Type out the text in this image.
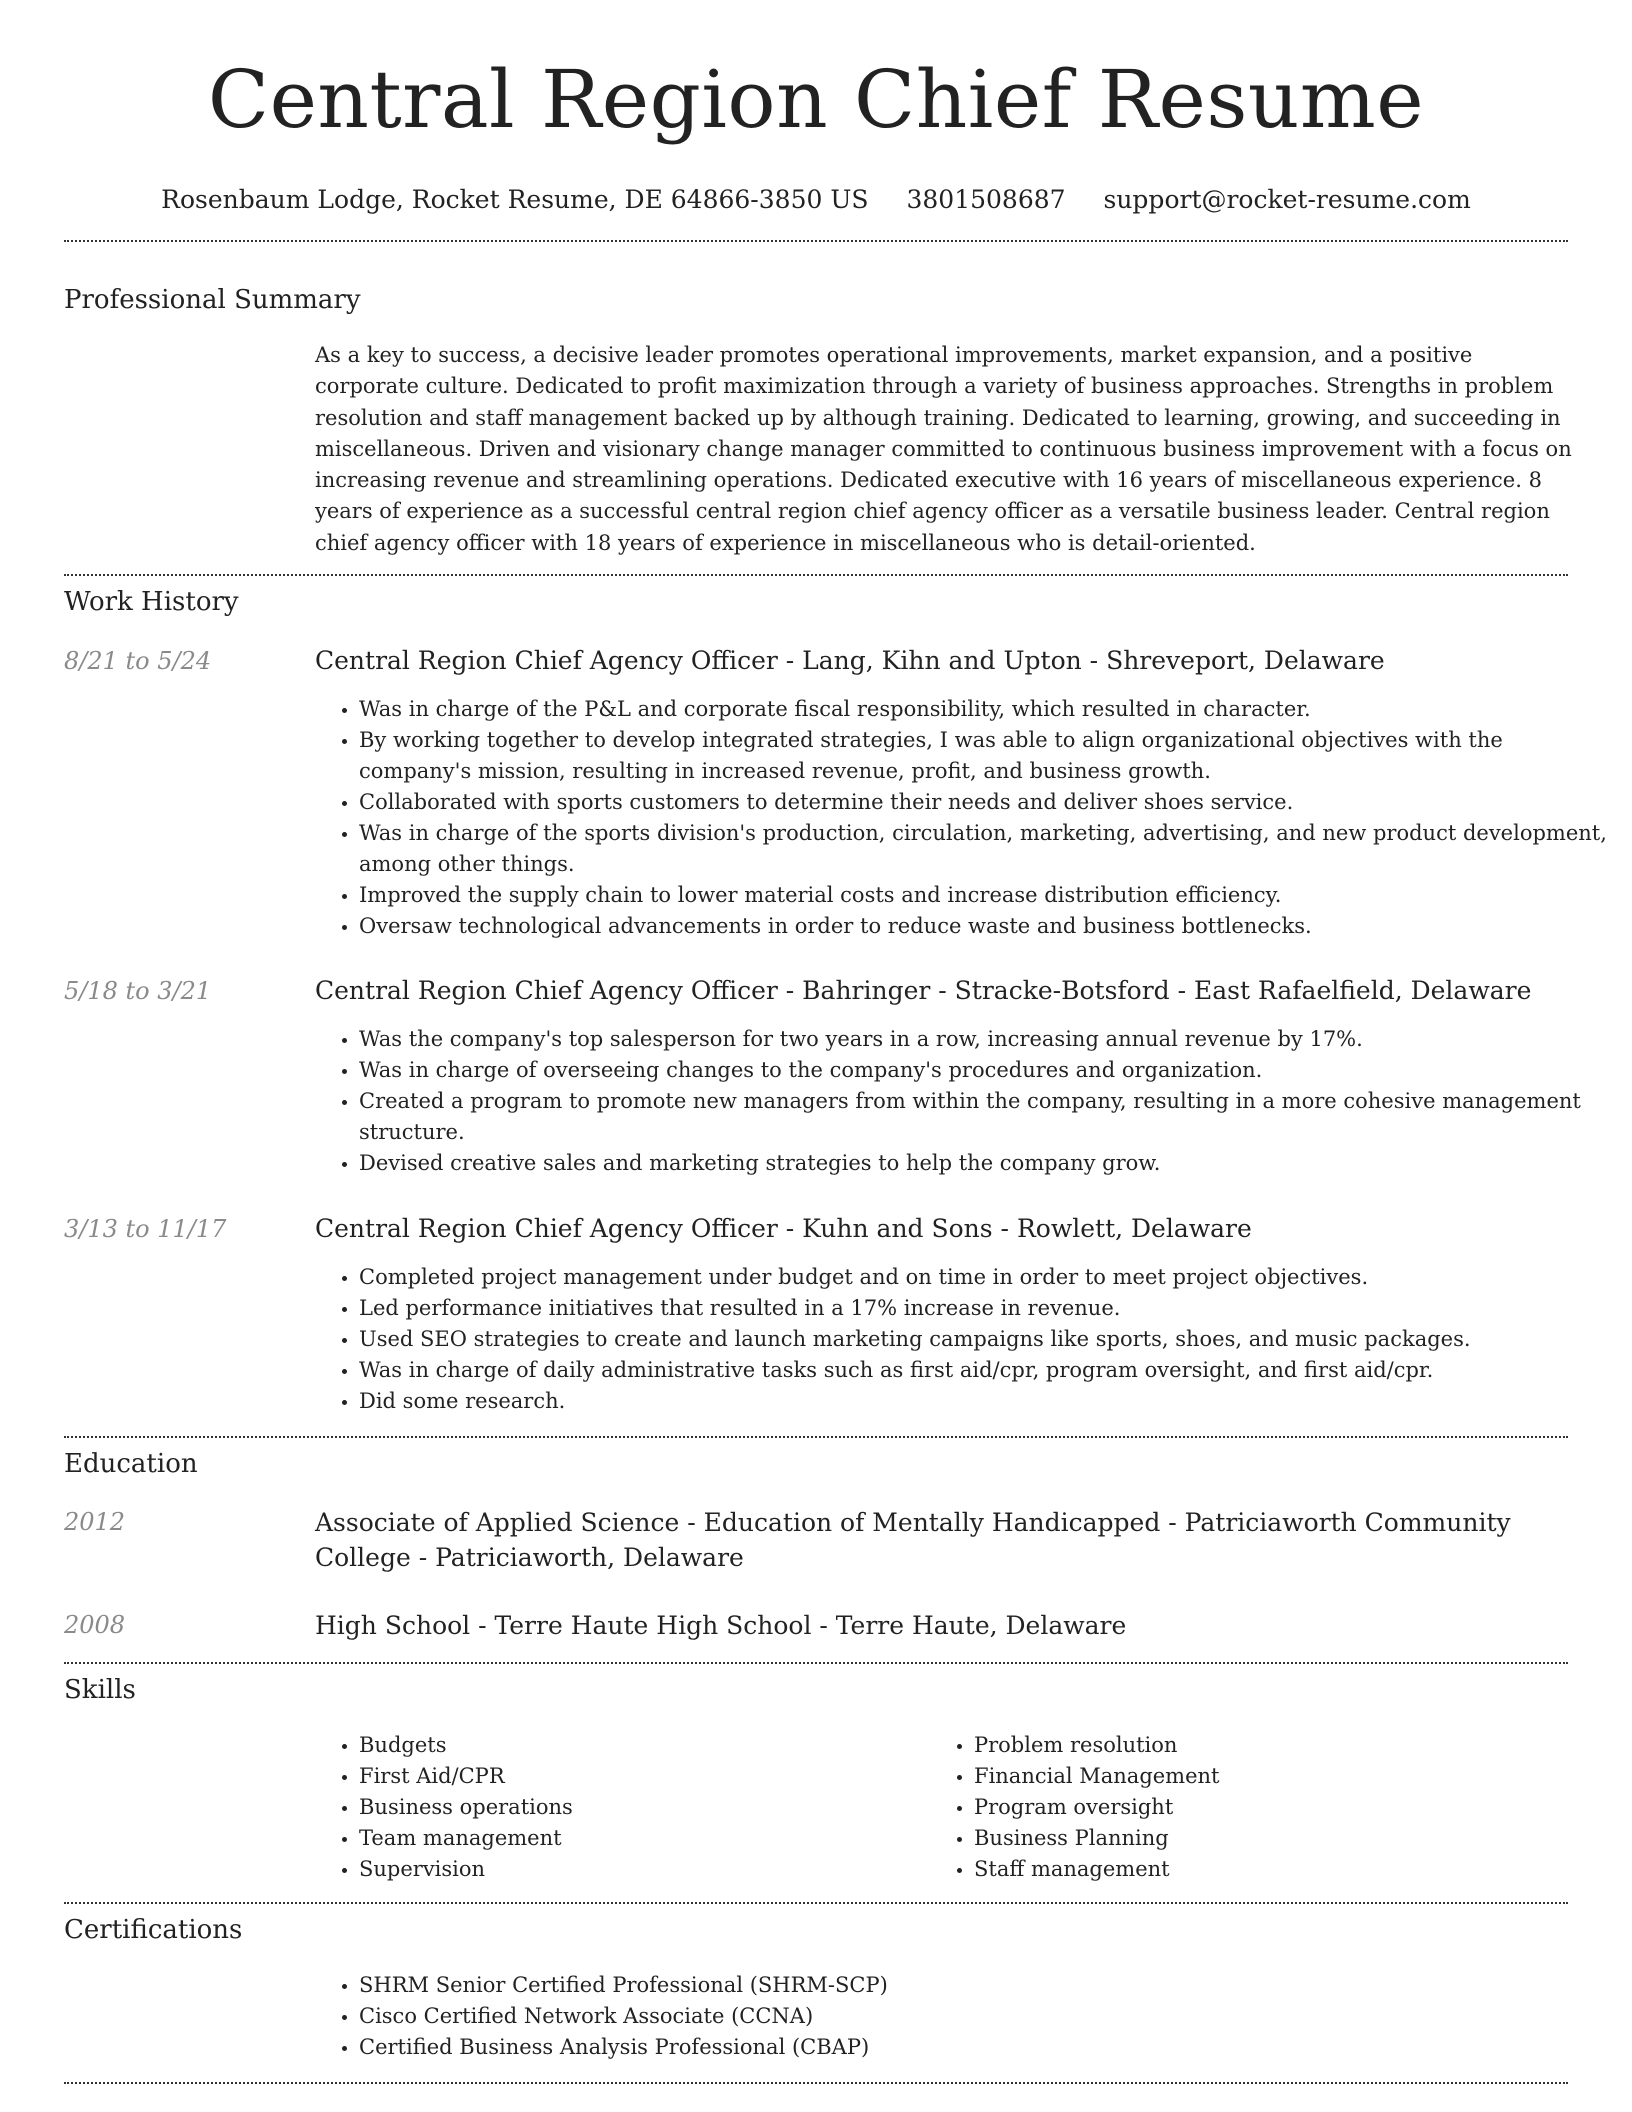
Central Region Chief Resume
Rosenbaum Lodge, Rocket Resume, DE 64866-3850 US 3801508687 support@rocket-resume.com
Professional Summary

As a key to success, a decisive leader promotes operational improvements, market expansion, and a positive corporate culture. Dedicated to profit maximization through a variety of business approaches. Strengths in problem resolution and staff management backed up by although training. Dedicated to learning, growing, and succeeding in miscellaneous. Driven and visionary change manager committed to continuous business improvement with a focus on increasing revenue and streamlining operations. Dedicated executive with 16 years of miscellaneous experience. 8 years of experience as a successful central region chief agency officer as a versatile business leader. Central region chief agency officer with 18 years of experience in miscellaneous who is detail-oriented.

Work History
8/21 to 5/24	Central Region Chief Agency Officer - Lang, Kihn and Upton - Shreveport, Delaware
• Was in charge of the P&L and corporate fiscal responsibility, which resulted in character.
• By working together to develop integrated strategies, I was able to align organizational objectives with the company's mission, resulting in increased revenue, profit, and business growth.
• Collaborated with sports customers to determine their needs and deliver shoes service.
• Was in charge of the sports division's production, circulation, marketing, advertising, and new product development, among other things.
• Improved the supply chain to lower material costs and increase distribution efficiency.
• Oversaw technological advancements in order to reduce waste and business bottlenecks.
5/18 to 3/21	Central Region Chief Agency Officer - Bahringer - Stracke-Botsford - East Rafaelfield, Delaware
• Was the company's top salesperson for two years in a row, increasing annual revenue by 17%.
• Was in charge of overseeing changes to the company's procedures and organization.
• Created a program to promote new managers from within the company, resulting in a more cohesive management structure.
• Devised creative sales and marketing strategies to help the company grow.
3/13 to 11/17	Central Region Chief Agency Officer - Kuhn and Sons - Rowlett, Delaware
• Completed project management under budget and on time in order to meet project objectives.
• Led performance initiatives that resulted in a 17% increase in revenue.
• Used SEO strategies to create and launch marketing campaigns like sports, shoes, and music packages.
• Was in charge of daily administrative tasks such as first aid/cpr, program oversight, and first aid/cpr.
• Did some research.
Education
2012	Associate of Applied Science - Education of Mentally Handicapped - Patriciaworth Community College - Patriciaworth, Delaware
2008	High School - Terre Haute High School - Terre Haute, Delaware
Skills
• Budgets
• First Aid/CPR
• Business operations
• Team management
• Supervision
• Problem resolution
• Financial Management
• Program oversight
• Business Planning
• Staff management
Certifications
• SHRM Senior Certified Professional (SHRM-SCP)
• Cisco Certified Network Associate (CCNA)
• Certified Business Analysis Professional (CBAP)
